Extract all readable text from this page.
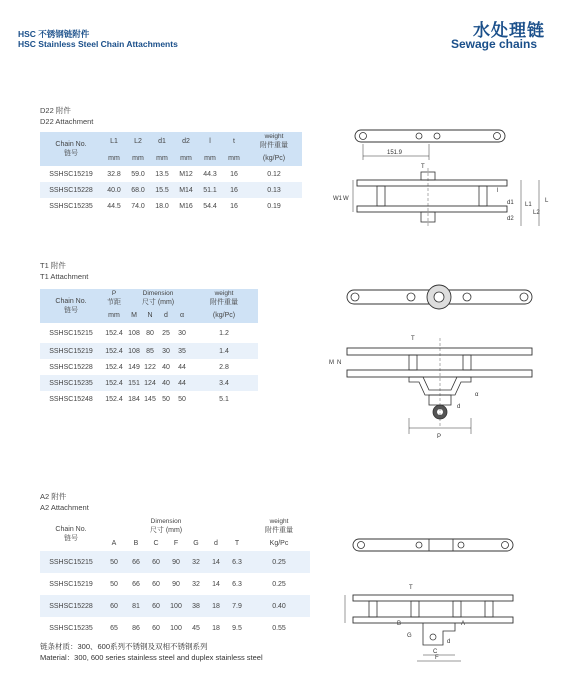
HSC 不锈钢链附件
HSC Stainless Steel Chain Attachments
水处理链
Sewage chains
D22 附件
D22 Attachment
Chain No.
链号	L1	L2	d1	d2	l	t	weight
附件重量

	mm	mm	mm	mm	mm	mm	(kg/Pc)
SSHSC15219	32.8	59.0	13.5	M12	44.3	16	0.12
SSHSC15228	40.0	68.0	15.5	M14	51.1	16	0.13
SSHSC15235	44.5	74.0	18.0	M16	54.4	16	0.19
151.9
W
W1
T
d1
d2
L1
L2
l
L
T1 附件
T1 Attachment
Chain No.
链号	P
节距	Dimension
尺寸 (mm)				weight
附件重量

	mm	M	N	d	α	(kg/Pc)
SSHSC15215	152.4	108	80	25	30	1.2
SSHSC15219	152.4	108	85	30	35	1.4
SSHSC15228	152.4	149	122	40	44	2.8
SSHSC15235	152.4	151	124	40	44	3.4
SSHSC15248	152.4	184	145	50	50	5.1
T
M N
d
α
P
A2 附件
A2 Attachment
Chain No.
链号		Dimension
尺寸 (mm)						weight
附件重量

	A	B	C	F	G	d	T	Kg/Pc
SSHSC15215	50	66	60	90	32	14	6.3	0.25
SSHSC15219	50	66	60	90	32	14	6.3	0.25
SSHSC15228	60	81	60	100	38	18	7.9	0.40
SSHSC15235	65	86	60	100	45	18	9.5	0.55
T
B
G
A
C
F
d
链条材质：300、600系列不锈钢及双相不锈钢系列
Material：300, 600 series stainless steel and duplex stainless steel
